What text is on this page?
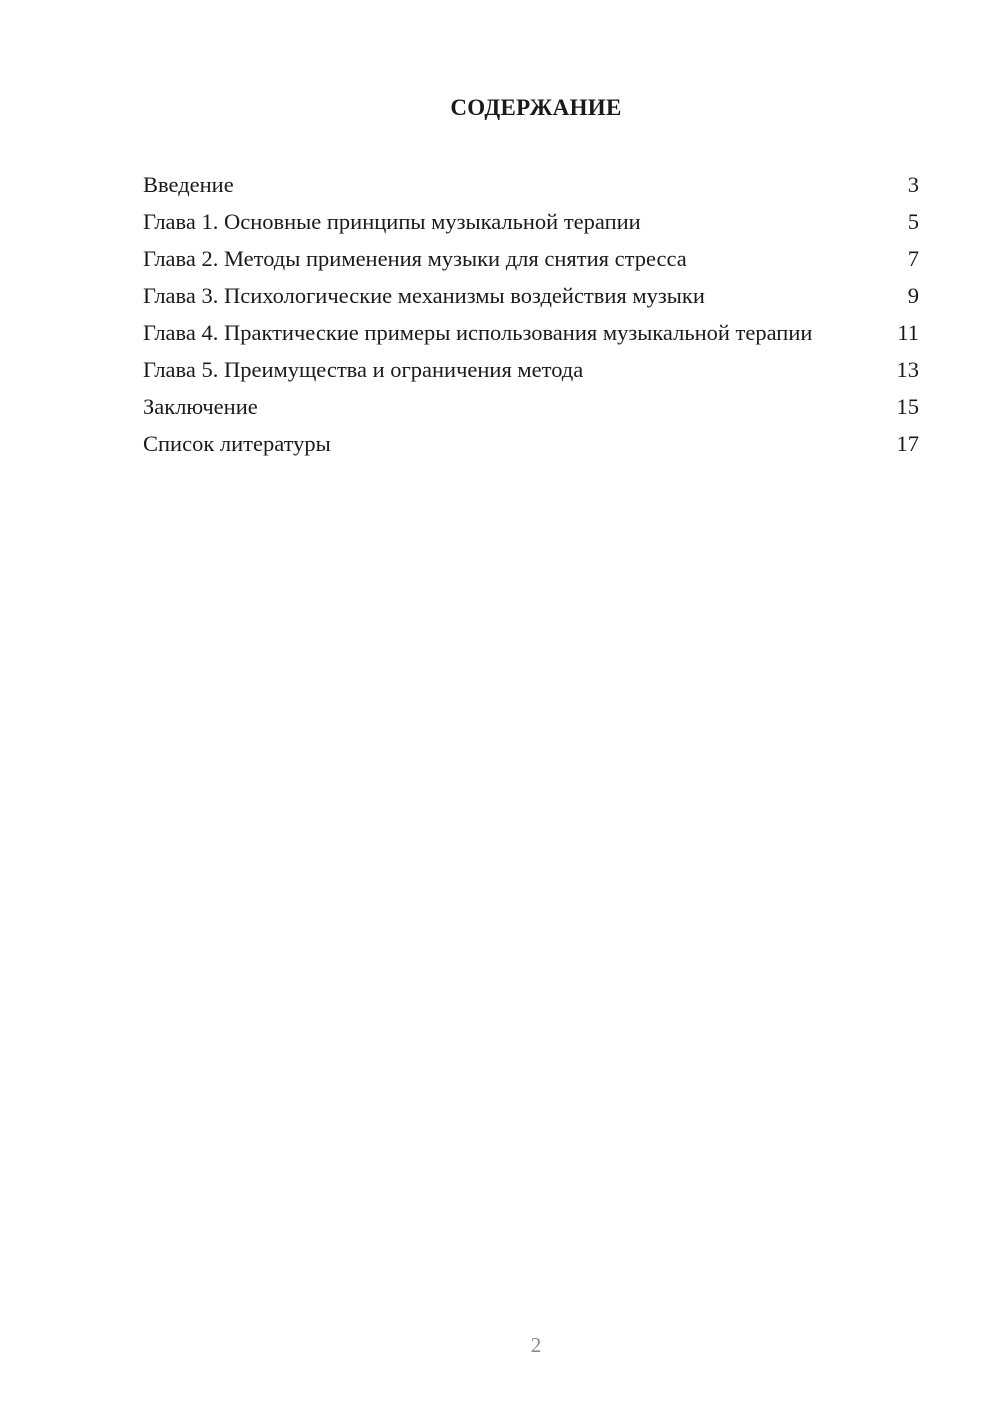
СОДЕРЖАНИЕ
Введение	3
Глава 1. Основные принципы музыкальной терапии	5
Глава 2. Методы применения музыки для снятия стресса	7
Глава 3. Психологические механизмы воздействия музыки	9
Глава 4. Практические примеры использования музыкальной терапии	11
Глава 5. Преимущества и ограничения метода	13
Заключение	15
Список литературы	17
2
